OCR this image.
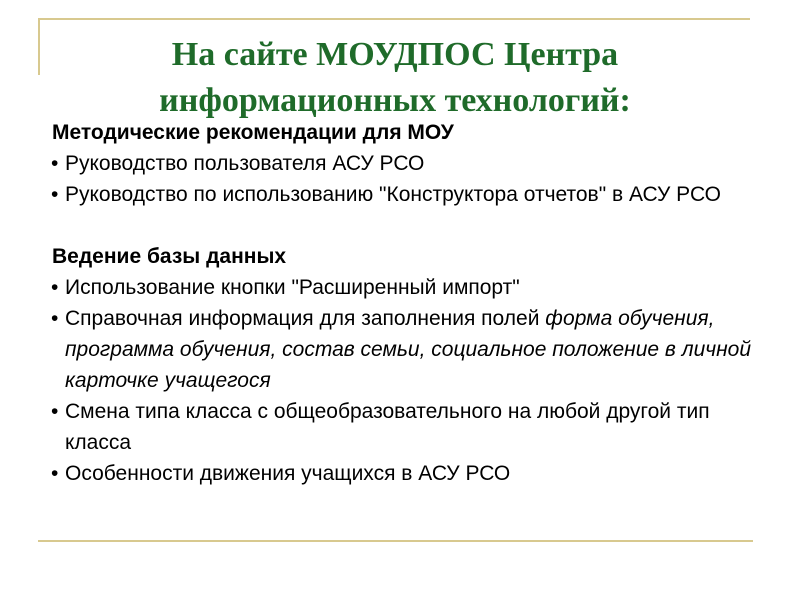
На сайте МОУДПОС Центра
информационных технологий:
Методические рекомендации для МОУ
• Руководство пользователя АСУ РСО
• Руководство по использованию "Конструктора отчетов" в АСУ РСО
Ведение базы данных
• Использование кнопки "Расширенный импорт"
• Справочная информация для заполнения полей форма обучения, программа обучения, состав семьи, социальное положение в личной карточке учащегося
• Смена типа класса с общеобразовательного на любой другой тип класса
• Особенности движения учащихся в АСУ РСО
